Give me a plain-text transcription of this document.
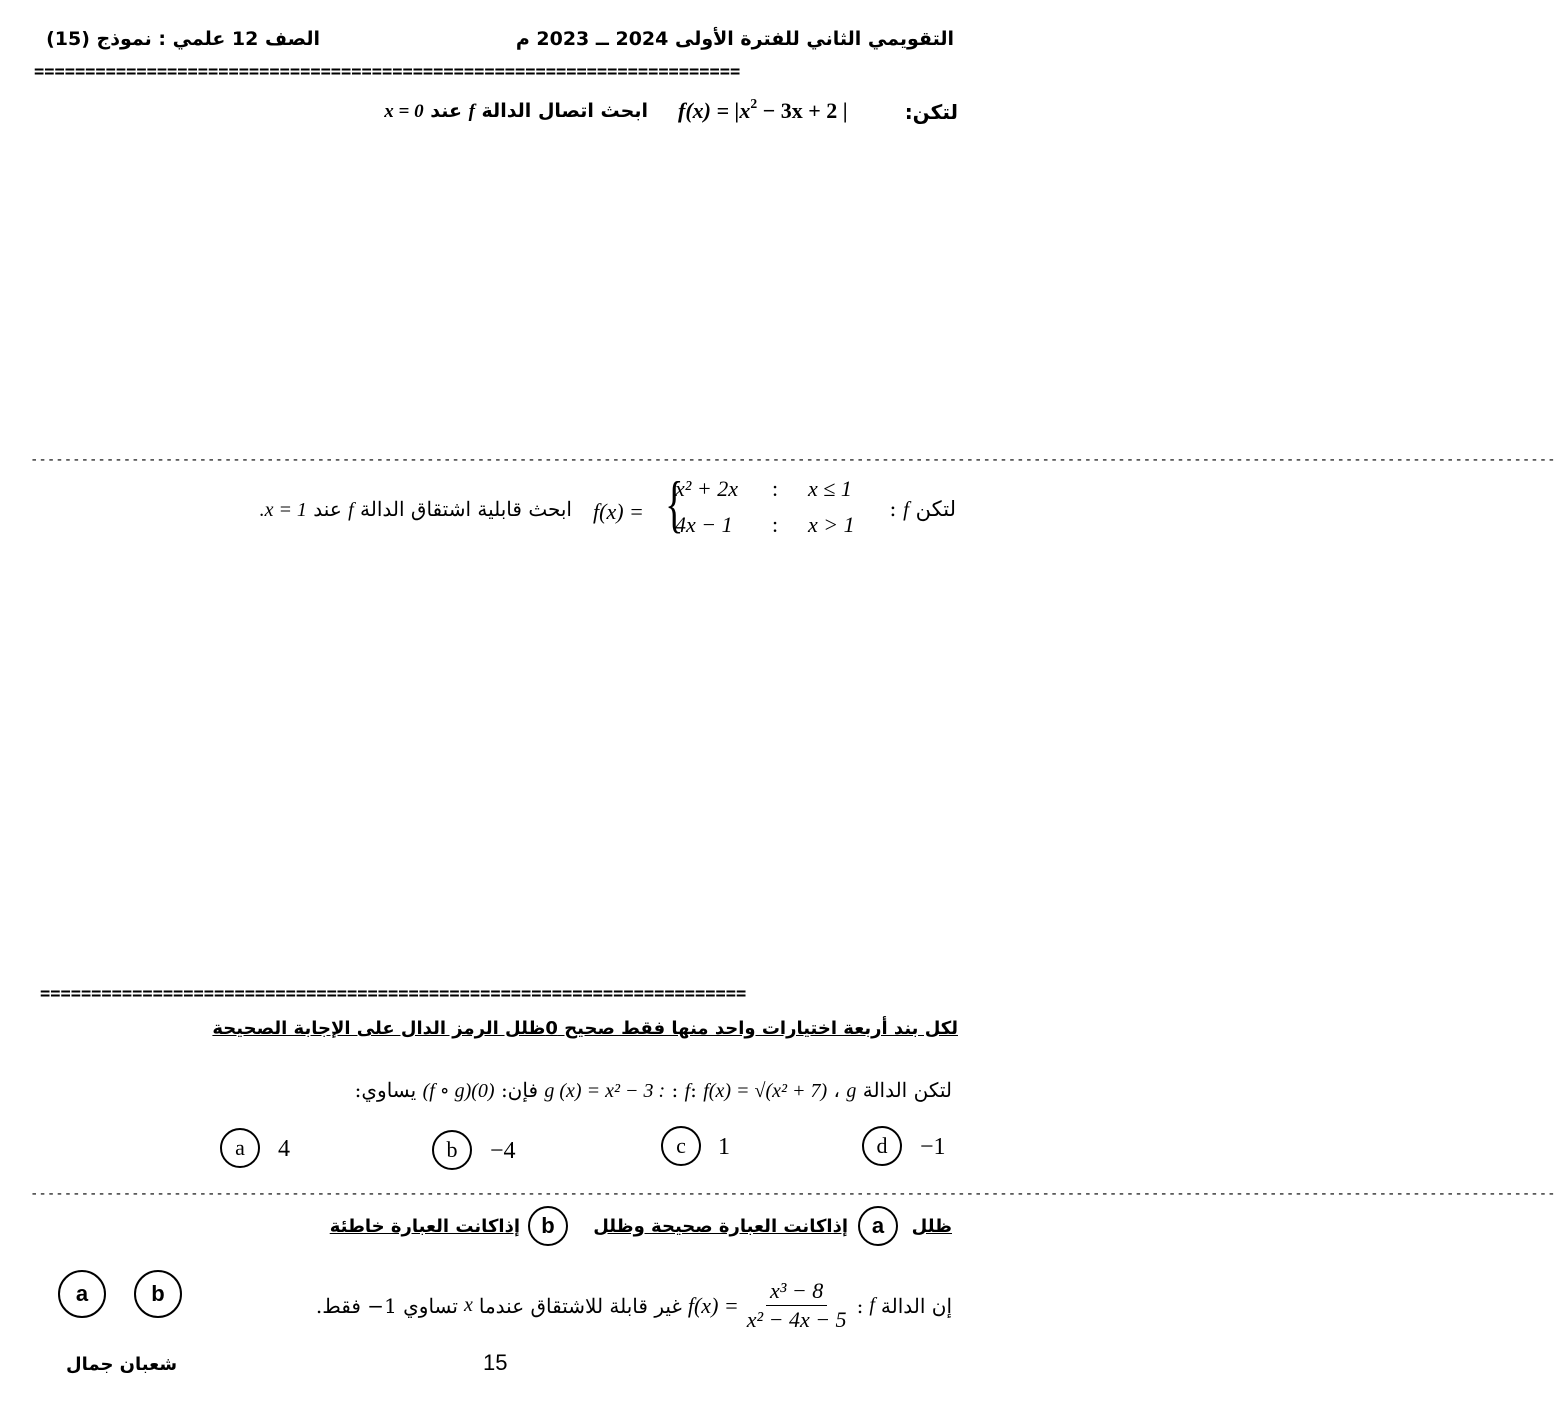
التقويمي الثاني للفترة الأولى 2024 ــ 2023 م
الصف 12 علمي : نموذج (15)
=====================================================================
لتكن:
$f(x) = |x^2 - 3x + 2$ |
ابحث اتصال الدالة f عند x = 0
-------------------------------------------------------------------------------------------------------------------------------------------------------------------------------------
لتكن f :
f(x) = {
x² + 2x : x ≤ 1
4x − 1 : x > 1
ابحث قابلية اشتقاق الدالة f عند .x = 1
=====================================================================
لكل بند أربعة اختيارات واحد منها فقط صحيح 0ظلل الرمز الدال على الإجابة الصحيحة
لتكن الدالة f: f(x) = √(x² + 7) ، g : g (x) = x² − 3 : فإن: (f ∘ g)(0) يساوي:
a	4	b	−4	c	1	d	−1
-------------------------------------------------------------------------------------------------------------------------------------------------------------------------------------
ظلل
a
إذاكانت العبارة صحيحة وظلل
b
إذاكانت العبارة خاطئة
إن الدالة
f
:
$f(x) = \frac{\text{x³ − 8}}{\text{x² − 4x − 5}}$
غير قابلة للاشتقاق عندما
x
تساوي 1− فقط.
a	b
شعبان جمال	15
